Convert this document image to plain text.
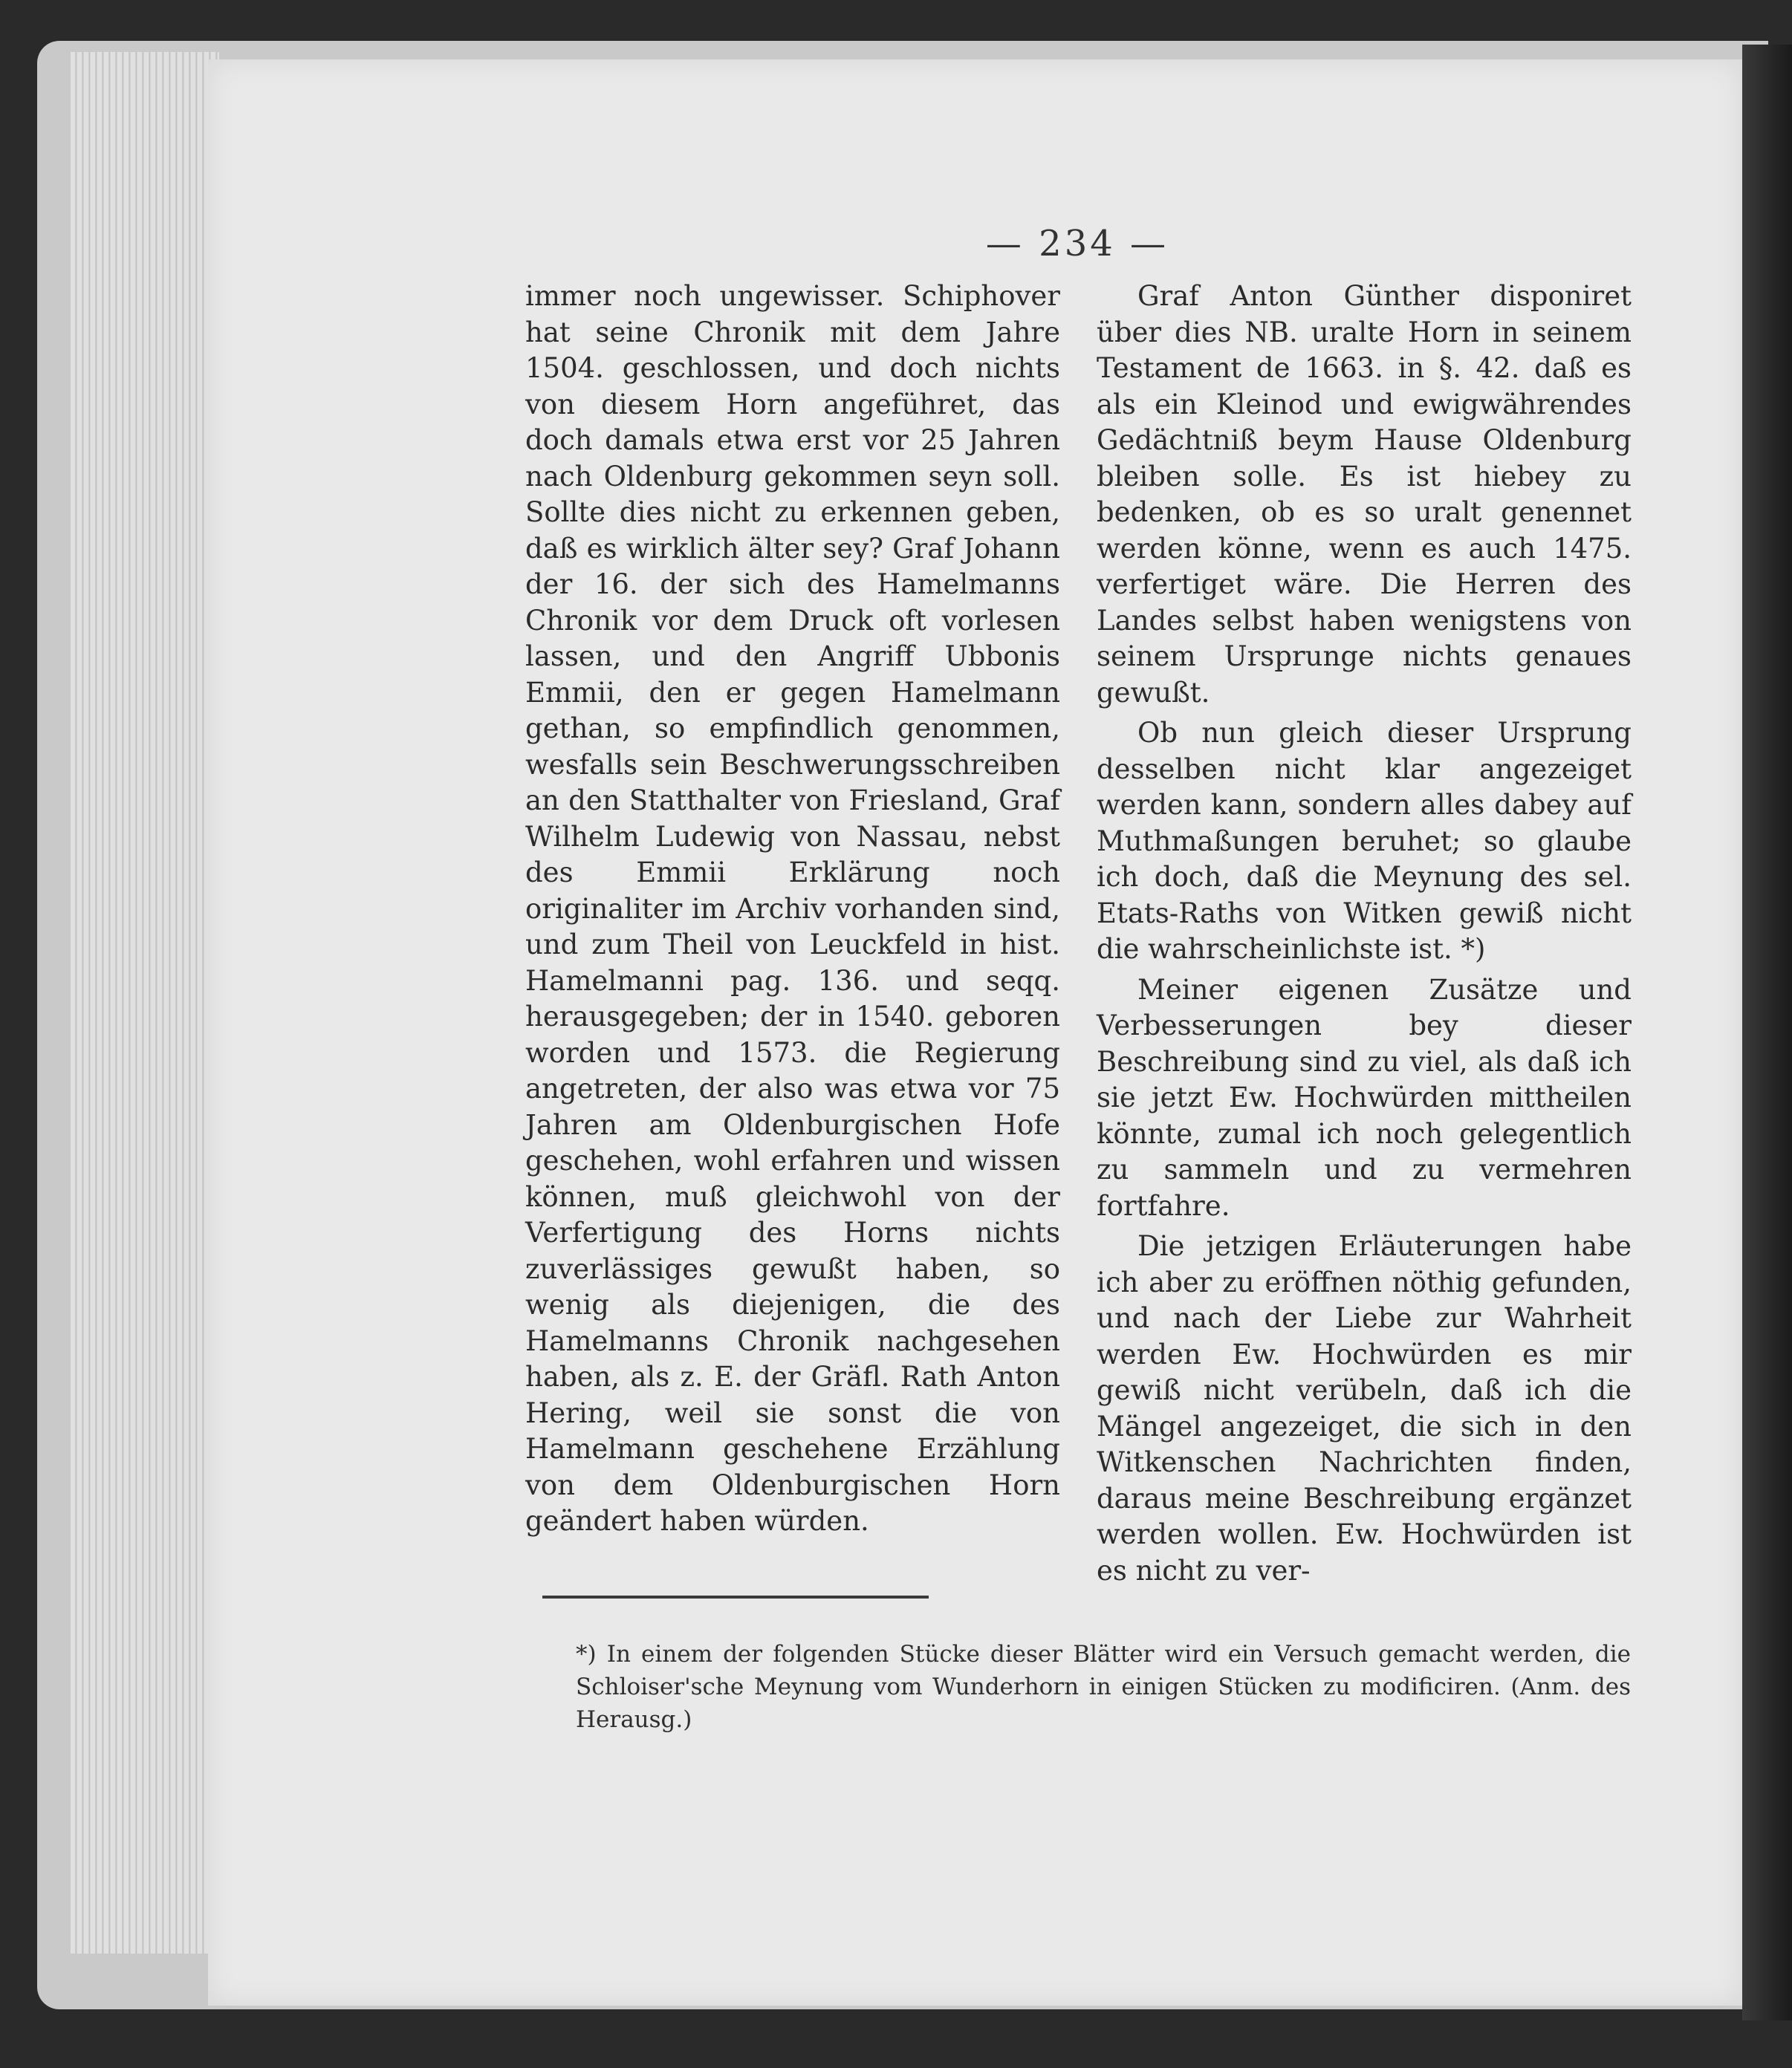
— 234 —

immer noch ungewisser. Schiphover hat seine Chronik mit dem Jahre 1504. geschlossen, und doch nichts von diesem Horn angeführet, das doch damals etwa erst vor 25 Jahren nach Oldenburg gekommen seyn soll. Sollte dies nicht zu erkennen geben, daß es wirklich älter sey? Graf Johann der 16. der sich des Hamelmanns Chronik vor dem Druck oft vorlesen lassen, und den Angriff Ubbonis Emmii, den er gegen Hamelmann gethan, so empfindlich genommen, wesfalls sein Beschwerungsschreiben an den Statthalter von Friesland, Graf Wilhelm Ludewig von Nassau, nebst des Emmii Erklärung noch originaliter im Archiv vorhanden sind, und zum Theil von Leuckfeld in hist. Hamelmanni pag. 136. und seqq. herausgegeben; der in 1540. geboren worden und 1573. die Regierung angetreten, der also was etwa vor 75 Jahren am Oldenburgischen Hofe geschehen, wohl erfahren und wissen können, muß gleichwohl von der Verfertigung des Horns nichts zuverlässiges gewußt haben, so wenig als diejenigen, die des Hamelmanns Chronik nachgesehen haben, als z. E. der Gräfl. Rath Anton Hering, weil sie sonst die von Hamelmann geschehene Erzählung von dem Oldenburgischen Horn geändert haben würden.

Graf Anton Günther disponiret über dies NB. uralte Horn in seinem Testament de 1663. in §. 42. daß es als ein Kleinod und ewigwährendes Gedächtniß beym Hause Oldenburg bleiben solle. Es ist hiebey zu bedenken, ob es so uralt genennet werden könne, wenn es auch 1475. verfertiget wäre. Die Herren des Landes selbst haben wenigstens von seinem Ursprunge nichts genaues gewußt.

Ob nun gleich dieser Ursprung desselben nicht klar angezeiget werden kann, sondern alles dabey auf Muthmaßungen beruhet; so glaube ich doch, daß die Meynung des sel. Etats-Raths von Witken gewiß nicht die wahrscheinlichste ist. *)

Meiner eigenen Zusätze und Verbesserungen bey dieser Beschreibung sind zu viel, als daß ich sie jetzt Ew. Hochwürden mittheilen könnte, zumal ich noch gelegentlich zu sammeln und zu vermehren fortfahre.

Die jetzigen Erläuterungen habe ich aber zu eröffnen nöthig gefunden, und nach der Liebe zur Wahrheit werden Ew. Hochwürden es mir gewiß nicht verübeln, daß ich die Mängel angezeiget, die sich in den Witkenschen Nachrichten finden, daraus meine Beschreibung ergänzet werden wollen. Ew. Hochwürden ist es nicht zu ver-

*) In einem der folgenden Stücke dieser Blätter wird ein Versuch gemacht werden, die Schloiser'sche Meynung vom Wunderhorn in einigen Stücken zu modificiren. (Anm. des Herausg.)
